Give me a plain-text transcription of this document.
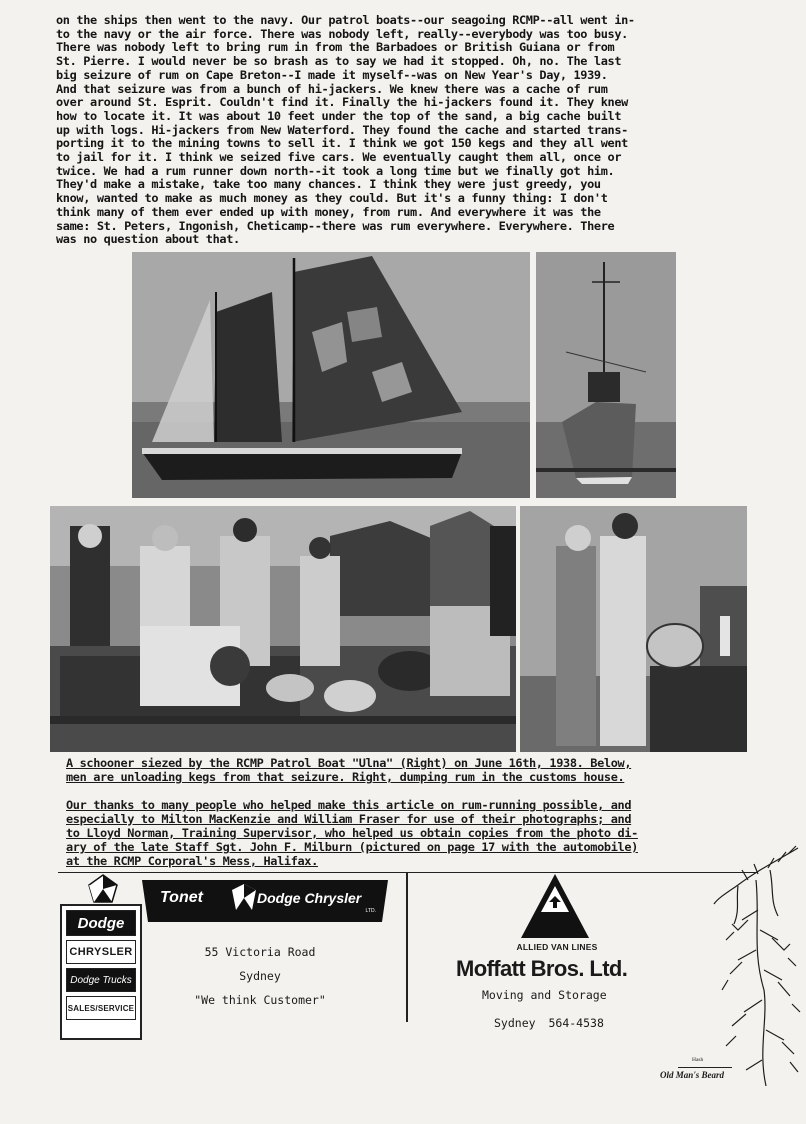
on the ships then went to the navy. Our patrol boats--our seagoing RCMP--all went in-

to the navy or the air force. There was nobody left, really--everybody was too busy.

There was nobody left to bring rum in from the Barbadoes or British Guiana or from

St. Pierre. I would never be so brash as to say we had it stopped. Oh, no. The last

big seizure of rum on Cape Breton--I made it myself--was on New Year's Day, 1939.

And that seizure was from a bunch of hi-jackers. We knew there was a cache of rum

over around St. Esprit. Couldn't find it. Finally the hi-jackers found it. They knew

how to locate it. It was about 10 feet under the top of the sand, a big cache built

up with logs. Hi-jackers from New Waterford. They found the cache and started trans-

porting it to the mining towns to sell it. I think we got 150 kegs and they all went

to jail for it. I think we seized five cars. We eventually caught them all, once or

twice. We had a rum runner down north--it took a long time but we finally got him.

They'd make a mistake, take too many chances. I think they were just greedy, you

know, wanted to make as much money as they could. But it's a funny thing: I don't

think many of them ever ended up with money, from rum. And everywhere it was the

same: St. Peters, Ingonish, Cheticamp--there was rum everywhere. Everywhere. There

was no question about that.

A schooner siezed by the RCMP Patrol Boat "Ulna" (Right) on June 16th, 1938. Below,

men are unloading kegs from that seizure. Right, dumping rum in the customs house.

Our thanks to many people who helped make this article on rum-running possible, and

especially to Milton MacKenzie and William Fraser for use of their photographs; and

to Lloyd Norman, Training Supervisor, who helped us obtain copies from the photo di-

ary of the late Staff Sgt. John F. Milburn (pictured on page 17 with the automobile)

at the RCMP Corporal's Mess, Halifax.

Dodge
CHRYSLER
Dodge Trucks
SALES/SERVICE
Tonet	Dodge Chrysler
LTD.
55 Victoria Road
Sydney
"We think Customer"
ALLIED VAN LINES
Moffatt Bros. Ltd.
Moving and Storage
Sydney 564-4538
Hash
Old Man's Beard
